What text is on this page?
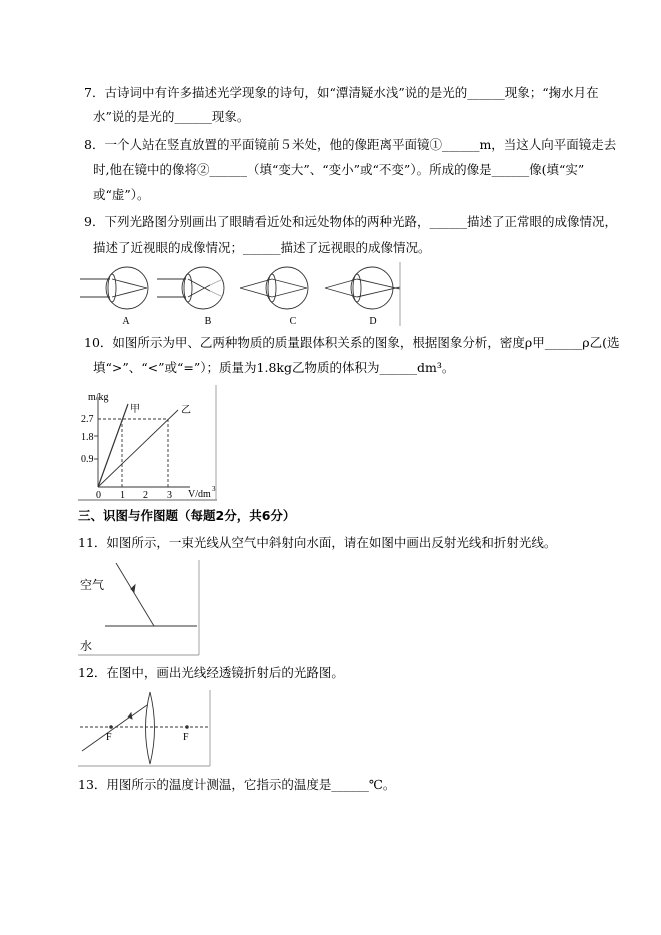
7．古诗词中有许多描述光学现象的诗句，如“潭清疑水浅”说的是光的______现象；“掬水月在
水”说的是光的______现象。
8．一个人站在竖直放置的平面镜前５米处，他的像距离平面镜①______m，当这人向平面镜走去
时,他在镜中的像将②______（填“变大”、“变小”或“不变”）。所成的像是______像(填“实”
或“虚”）。
9．下列光路图分别画出了眼睛看近处和远处物体的两种光路，______描述了正常眼的成像情况，
描述了近视眼的成像情况；______描述了远视眼的成像情况。
A	B	C	D
m/kg
2.7
1.8
0.9
0 1 2 3 V/dm 3
甲	乙
空气
水
F	F
10．如图所示为甲、乙两种物质的质量跟体积关系的图象，根据图象分析，密度ρ甲______ρ乙(选
填“>”、“<”或“=”）；质量为1.8kg乙物质的体积为______dm³。
三、识图与作图题（每题2分，共6分）
11．如图所示，一束光线从空气中斜射向水面，请在如图中画出反射光线和折射光线。
12．在图中，画出光线经透镜折射后的光路图。
13．用图所示的温度计测温，它指示的温度是______℃。
